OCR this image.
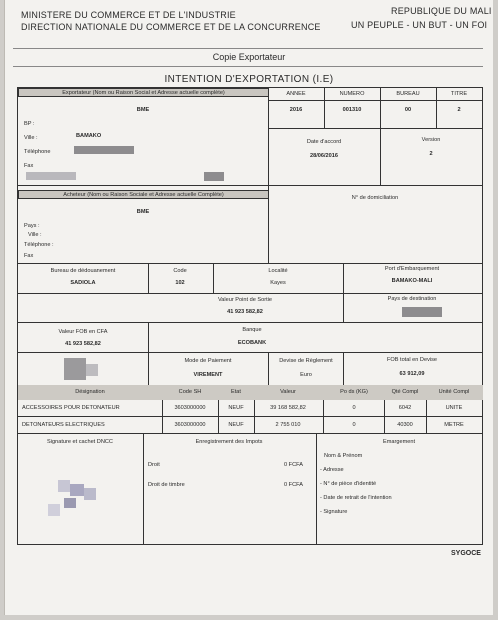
MINISTERE DU COMMERCE ET DE L'INDUSTRIE
DIRECTION NATIONALE DU COMMERCE ET DE LA CONCURRENCE
REPUBLIQUE DU MALI
UN PEUPLE - UN BUT - UN FOI
Copie Exportateur
INTENTION D'EXPORTATION (I.E)
Exportateur (Nom ou Raison Social et Adresse actuelle complète)
BME
BP :
Ville :	BAMAKO
Téléphone
Fax
ANNEE	NUMERO	BUREAU	TITRE
2016	001310	00	2
Date d'accord
28/06/2016
Version
2
Acheteur (Nom ou Raison Sociale et Adresse actuelle Complète)
BME
Pays :
Ville :
Téléphone :
Fax
N° de domiciliation
Bureau de dédouanement
SADIOLA
Code
102
Localité
Kayes
Port d'Embarquement
BAMAKO-MALI
Valeur Point de Sortie
41 923 582,82
Pays de destination
Valeur FOB en CFA
41 923 582,82
Banque
ECOBANK
Mode de Paiement
VIREMENT
Devise de Règlement
Euro
FOB total en Devise
63 912,09
Désignation	Code SH	Etat	Valeur	Po ds (KG)	Qté Compl	Unité Compl
ACCESSOIRES POUR DETONATEUR	3603000000	NEUF	39 168 582,82	0	6042	UNITE
DETONATEURS ELECTRIQUES	3603000000	NEUF	2 755 010	0	40300	METRE
Signature et cachet DNCC	Enregistrement des Impots
Droit	0 FCFA
Droit de timbre	0 FCFA
Emargement
Nom & Prénom
- Adresse
- N° de pièce d'identité
- Date de retrait de l'intention
- Signature
SYGOCE
